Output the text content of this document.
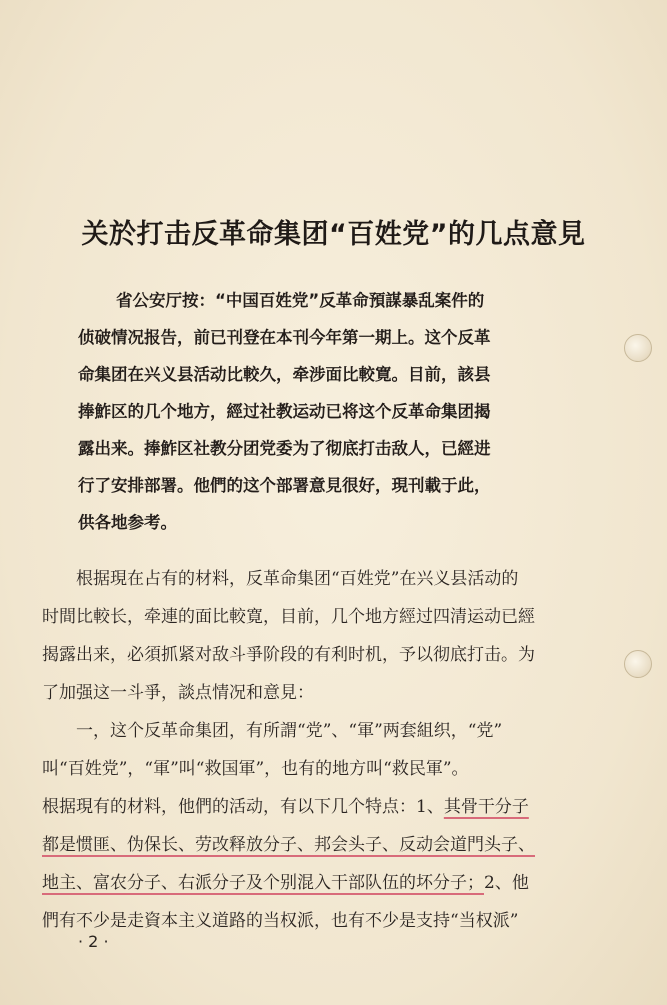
关於打击反革命集团“百姓党”的几点意見
省公安厅按：“中国百姓党”反革命預謀暴乱案件的
侦破情况报告，前已刊登在本刊今年第一期上。这个反革
命集团在兴义县活动比較久，牵涉面比較寛。目前，該县
捧鮓区的几个地方，經过社教运动已将这个反革命集团揭
露出来。捧鮓区社教分团党委为了彻底打击敌人，已經进
行了安排部署。他們的这个部署意見很好，現刊載于此，
供各地参考。
根据現在占有的材料，反革命集团“百姓党”在兴义县活动的
时間比較长，牵連的面比較寛，目前，几个地方經过四清运动已經
揭露出来，必須抓紧对敌斗爭阶段的有利时机，予以彻底打击。为
了加强这一斗爭，談点情况和意見：
一，这个反革命集团，有所謂“党”、“軍”两套組织，“党”
叫“百姓党”，“軍”叫“救国軍”，也有的地方叫“救民軍”。
根据現有的材料，他們的活动，有以下几个特点：1、其骨干分子
都是惯匪、伪保长、劳改释放分子、邦会头子、反动会道門头子、
地主、富农分子、右派分子及个别混入干部队伍的坏分子；2、他
們有不少是走資本主义道路的当权派，也有不少是支持“当权派”
· 2 ·
